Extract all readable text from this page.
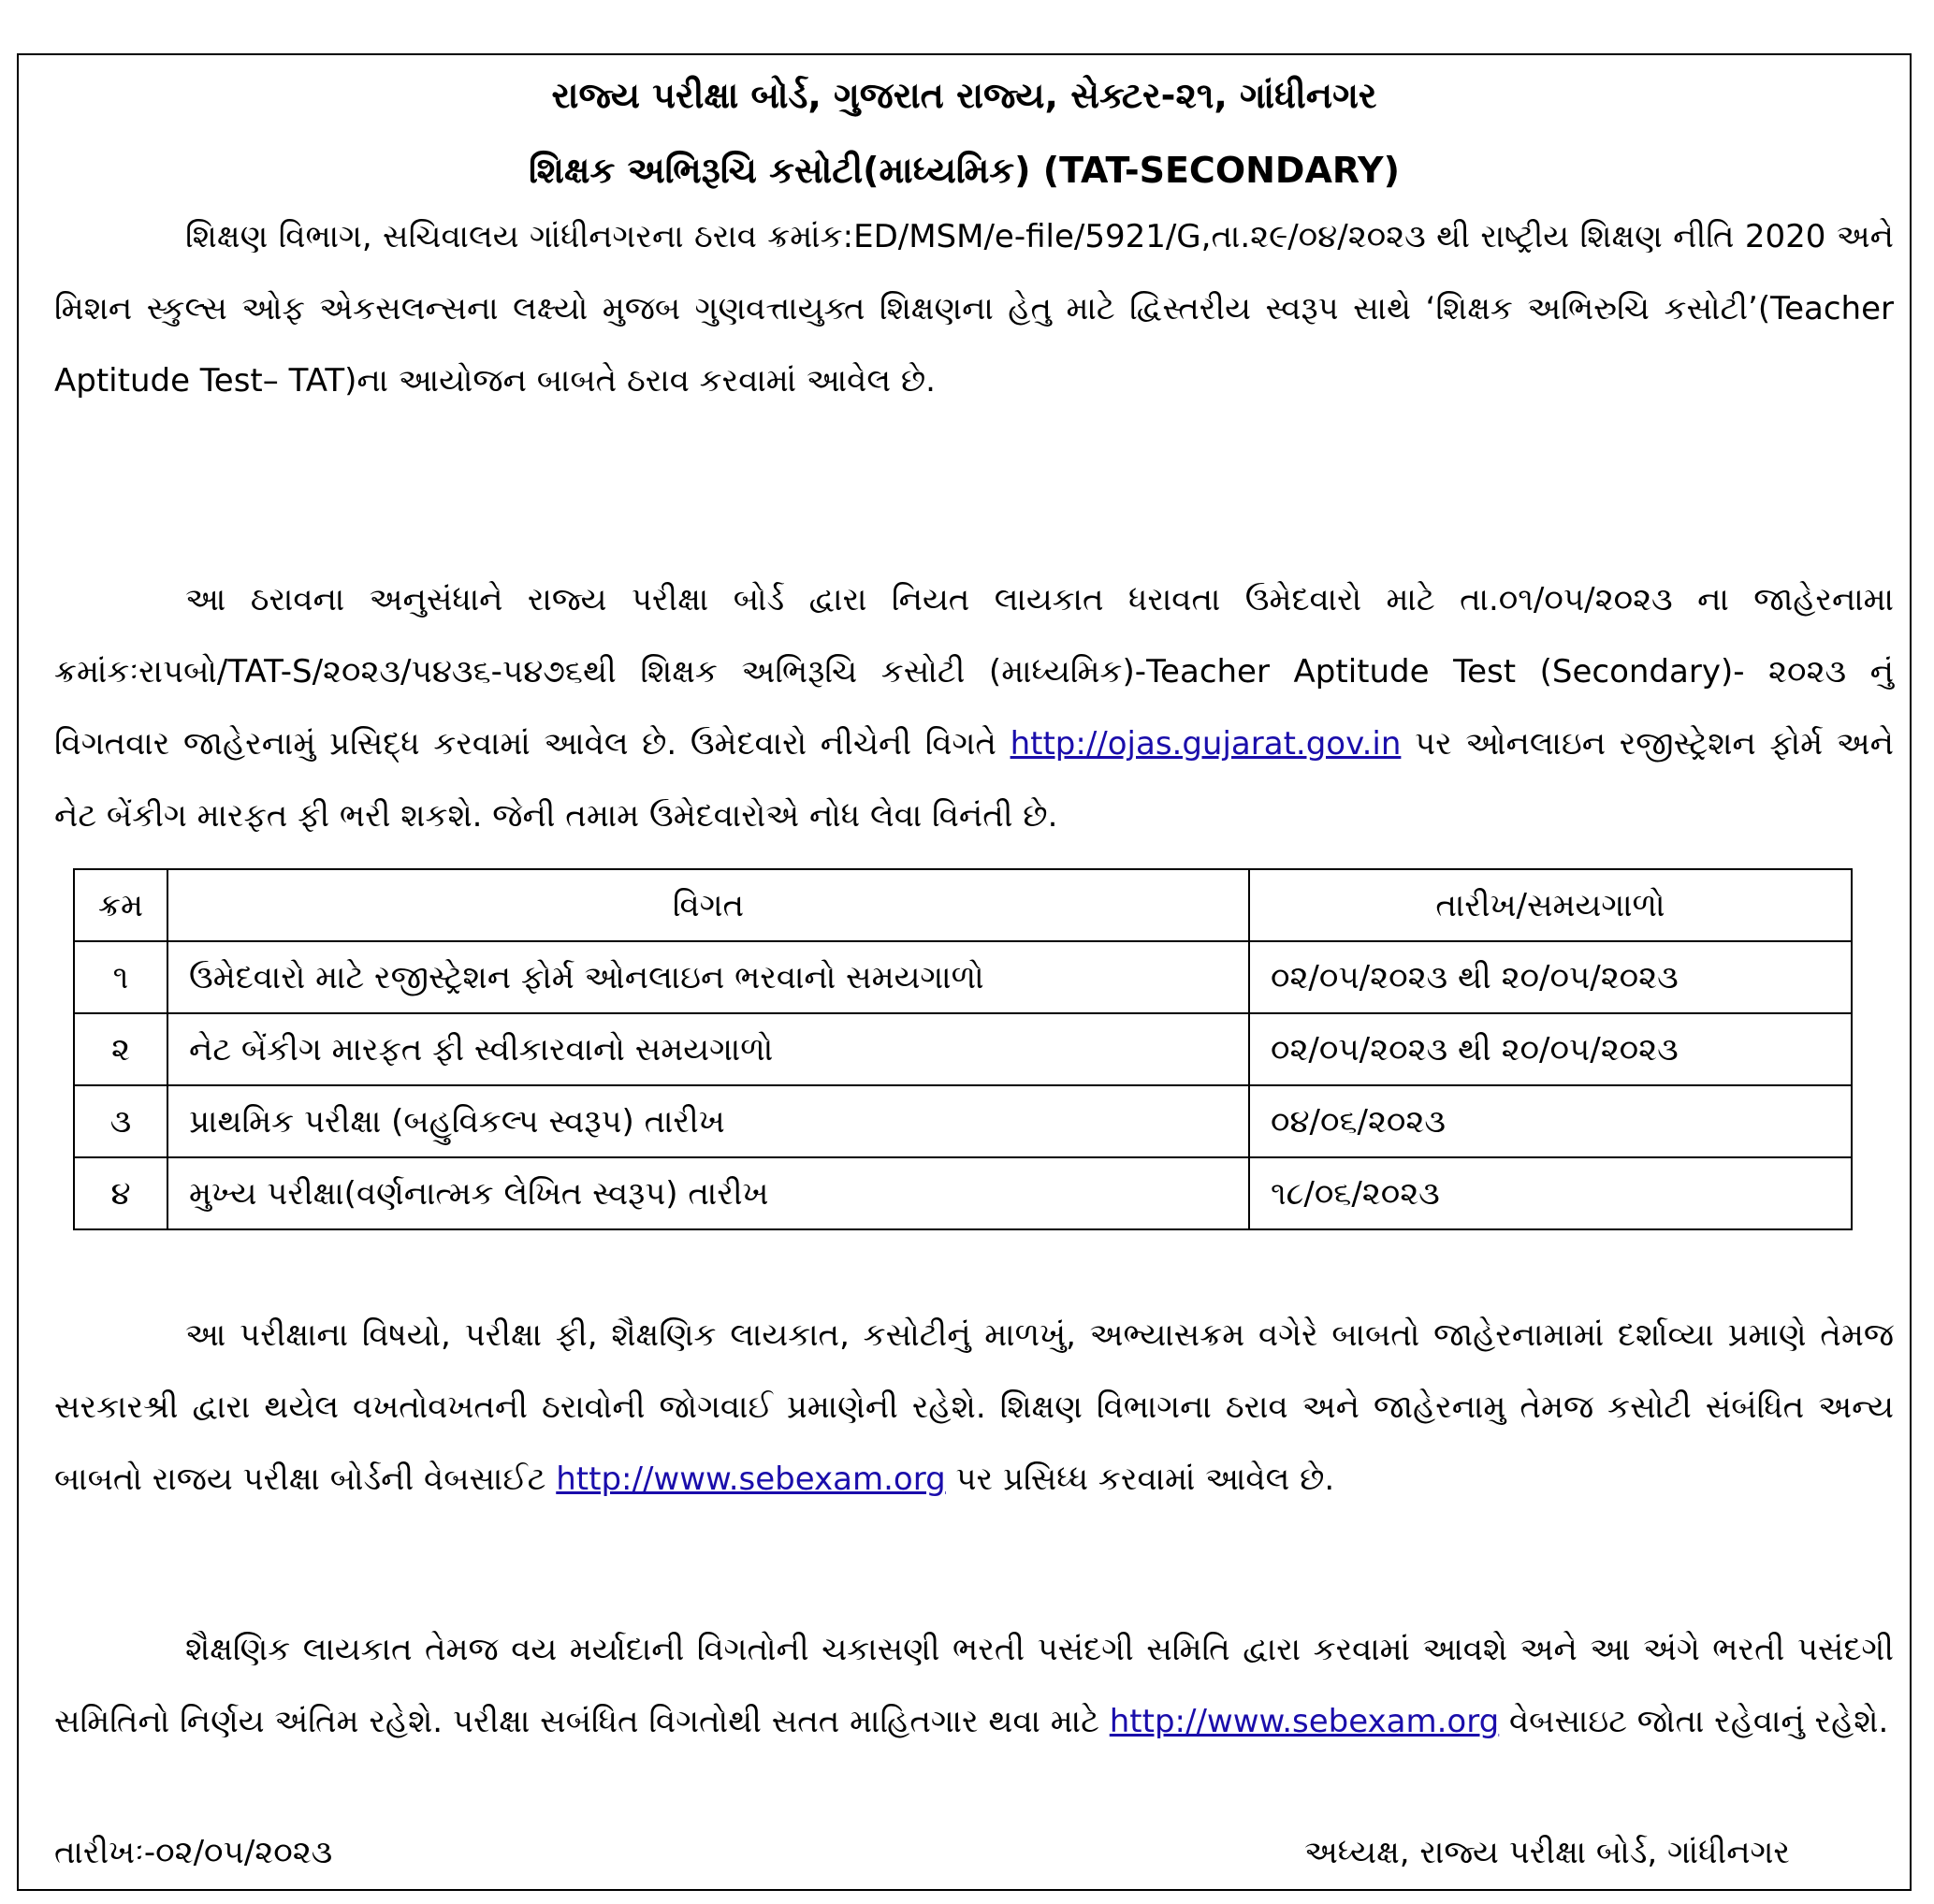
રાજ્ય પરીક્ષા બોર્ડ, ગુજરાત રાજ્ય, સેક્ટર-૨૧, ગાંધીનગર
શિક્ષક અભિરૂચિ કસોટી(માધ્યમિક) (TAT-SECONDARY)
શિક્ષણ વિભાગ, સચિવાલય ગાંધીનગરના ઠરાવ ક્રમાંક:ED/MSM/e-file/5921/G,તા.૨૯/૦૪/૨૦૨૩ થી રાષ્ટ્રીય શિક્ષણ નીતિ 2020 અને મિશન સ્કુલ્સ ઓફ એકસલન્સના લક્ષ્યો મુજબ ગુણવત્તાયુક્ત શિક્ષણના હેતુ માટે દ્વિસ્તરીય સ્વરૂપ સાથે ‘શિક્ષક અભિરુચિ કસોટી’(Teacher Aptitude Test– TAT)ના આયોજન બાબતે ઠરાવ કરવામાં આવેલ છે.
આ ઠરાવના અનુસંધાને રાજ્ય પરીક્ષા બોર્ડ દ્વારા નિયત લાયકાત ધરાવતા ઉમેદવારો માટે તા.૦૧/૦૫/૨૦૨૩ ના જાહેરનામા ક્રમાંકઃરાપબો/TAT-S/૨૦૨૩/૫૪૩૬-૫૪૭૬થી શિક્ષક અભિરૂચિ કસોટી (માધ્યમિક)-Teacher Aptitude Test (Secondary)- ૨૦૨૩ નું વિગતવાર જાહેરનામું પ્રસિદ્ધ કરવામાં આવેલ છે. ઉમેદવારો નીચેની વિગતે http://ojas.gujarat.gov.in પર ઓનલાઇન રજીસ્ટ્રેશન ફોર્મ અને નેટ બેંકીગ મારફત ફી ભરી શકશે. જેની તમામ ઉમેદવારોએ નોધ લેવા વિનંતી છે.
ક્રમ	વિગત	તારીખ/સમયગાળો
૧	ઉમેદવારો માટે રજીસ્ટ્રેશન ફોર્મ ઓનલાઇન ભરવાનો સમયગાળો	૦૨/૦૫/૨૦૨૩ થી ૨૦/૦૫/૨૦૨૩
૨	નેટ બેંકીગ મારફત ફી સ્વીકારવાનો સમયગાળો	૦૨/૦૫/૨૦૨૩ થી ૨૦/૦૫/૨૦૨૩
૩	પ્રાથમિક પરીક્ષા (બહુવિકલ્પ સ્વરૂપ) તારીખ	૦૪/૦૬/૨૦૨૩
૪	મુખ્ય પરીક્ષા(વર્ણનાત્મક લેખિત સ્વરૂપ) તારીખ	૧૮/૦૬/૨૦૨૩
આ પરીક્ષાના વિષયો, પરીક્ષા ફી, શૈક્ષણિક લાયકાત, કસોટીનું માળખું, અભ્યાસક્રમ વગેરે બાબતો જાહેરનામામાં દર્શાવ્યા પ્રમાણે તેમજ સરકારશ્રી દ્વારા થયેલ વખતોવખતની ઠરાવોની જોગવાઈ પ્રમાણેની રહેશે. શિક્ષણ વિભાગના ઠરાવ અને જાહેરનામુ તેમજ કસોટી સંબંધિત અન્ય બાબતો રાજય પરીક્ષા બોર્ડની વેબસાઈટ http://www.sebexam.org પર પ્રસિધ્ધ કરવામાં આવેલ છે.
શૈક્ષણિક લાયકાત તેમજ વય મર્યાદાની વિગતોની ચકાસણી ભરતી પસંદગી સમિતિ દ્વારા કરવામાં આવશે અને આ અંગે ભરતી પસંદગી સમિતિનો નિર્ણય અંતિમ રહેશે. પરીક્ષા સબંધિત વિગતોથી સતત માહિતગાર થવા માટે http://www.sebexam.org વેબસાઇટ જોતા રહેવાનું રહેશે.
તારીખઃ-૦૨/૦૫/૨૦૨૩	અધ્યક્ષ, રાજ્ય પરીક્ષા બોર્ડ, ગાંધીનગર
